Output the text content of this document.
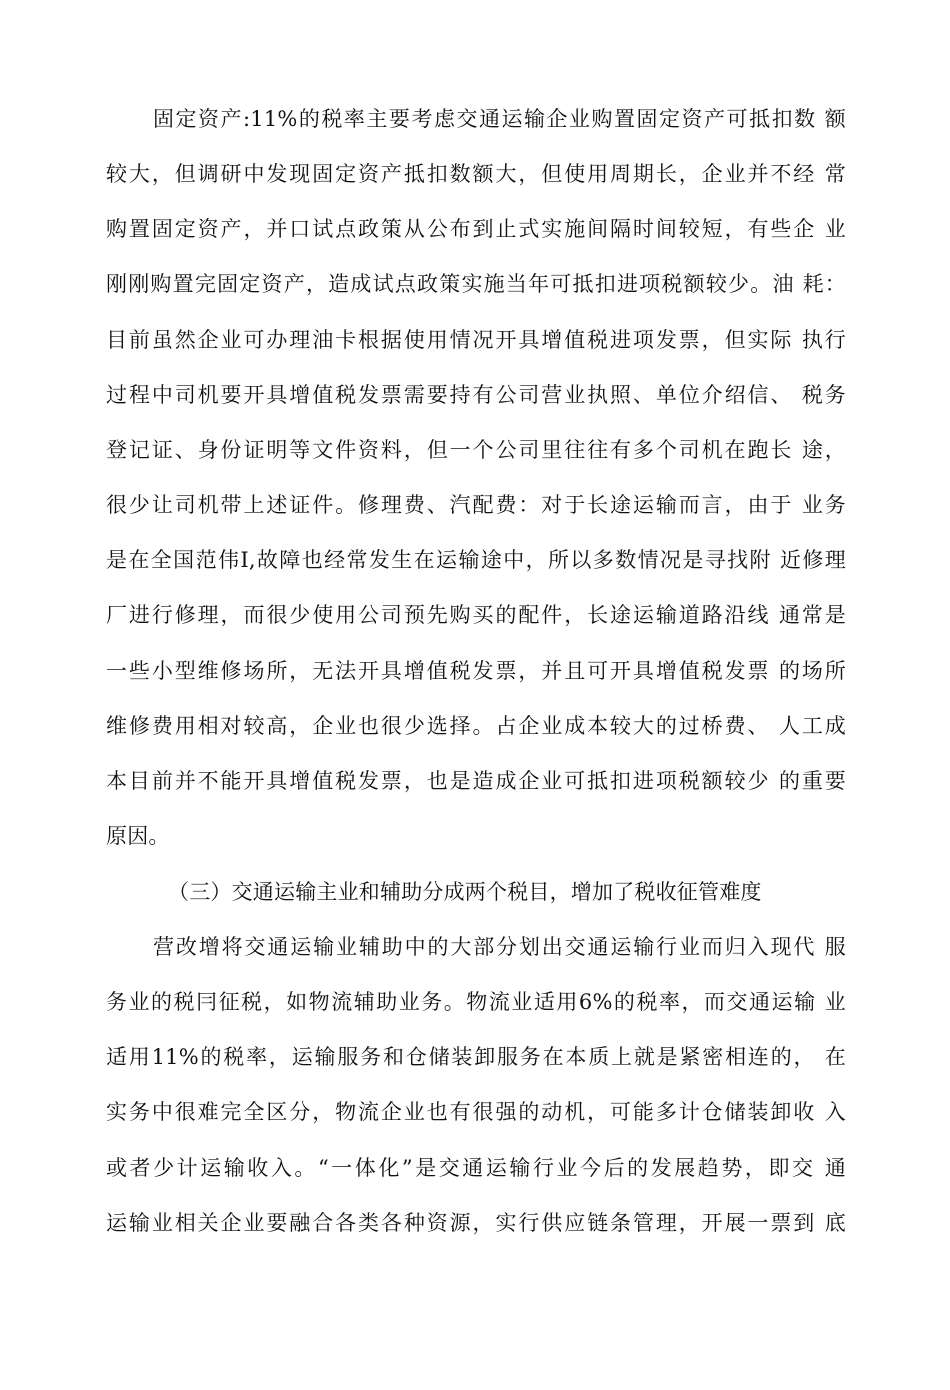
固定资产:11%的税率主要考虑交通运输企业购置固定资产可抵扣数 额
较大，但调研中发现固定资产抵扣数额大，但使用周期长，企业并不经 常
购置固定资产，并口试点政策从公布到止式实施间隔时间较短，有些企 业
刚刚购置完固定资产，造成试点政策实施当年可抵扣进项税额较少。油 耗：
目前虽然企业可办理油卡根据使用情况开具增值税进项发票，但实际 执行
过程中司机要开具增值税发票需要持有公司营业执照、单位介绍信、 税务
登记证、身份证明等文件资料，但一个公司里往往有多个司机在跑长 途，
很少让司机带上述证件。修理费、汽配费：对于长途运输而言，由于 业务
是在全国范伟I,故障也经常发生在运输途中，所以多数情况是寻找附 近修理
厂进行修理，而很少使用公司预先购买的配件，长途运输道路沿线 通常是
一些小型维修场所，无法开具增值税发票，并且可开具增值税发票 的场所
维修费用相对较高，企业也很少选择。占企业成本较大的过桥费、 人工成
本目前并不能开具增值税发票，也是造成企业可抵扣进项税额较少 的重要
原因。
（三）交通运输主业和辅助分成两个税目，增加了税收征管难度
营改增将交通运输业辅助中的大部分划出交通运输行业而归入现代 服
务业的税冃征税，如物流辅助业务。物流业适用6%的税率，而交通运输 业
适用11%的税率，运输服务和仓储装卸服务在本质上就是紧密相连的， 在
实务中很难完全区分，物流企业也有很强的动机，可能多计仓储装卸收 入
或者少计运输收入。“一体化”是交通运输行业今后的发展趋势，即交 通
运输业相关企业要融合各类各种资源，实行供应链条管理，开展一票到 底
